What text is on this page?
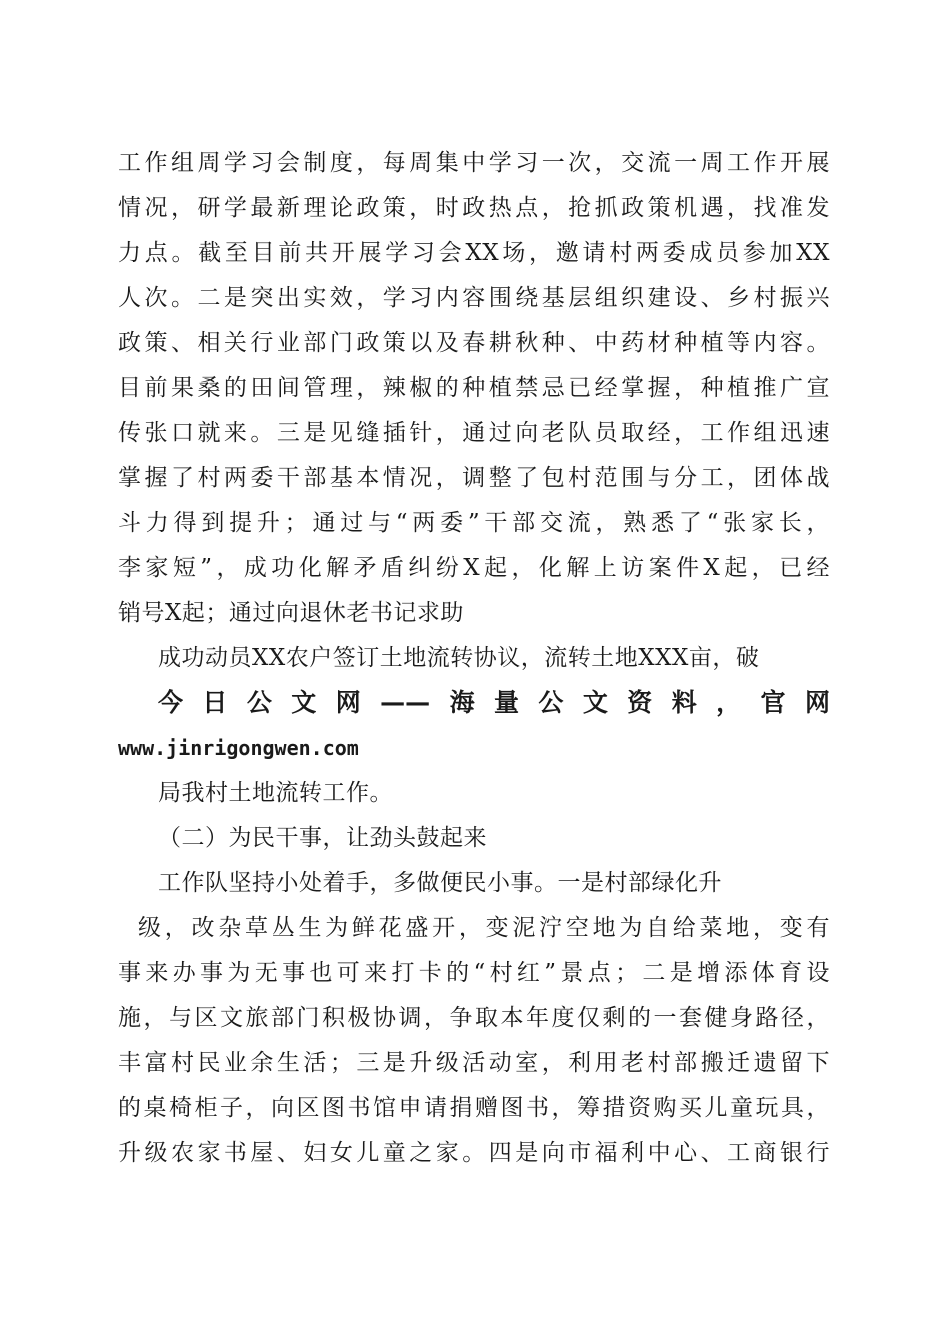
工作组周学习会制度，每周集中学习一次，交流一周工作开展
情况，研学最新理论政策，时政热点，抢抓政策机遇，找准发
力点。截至目前共开展学习会XX场，邀请村两委成员参加XX
人次。二是突出实效，学习内容围绕基层组织建设、乡村振兴
政策、相关行业部门政策以及春耕秋种、中药材种植等内容。
目前果桑的田间管理，辣椒的种植禁忌已经掌握，种植推广宣
传张口就来。三是见缝插针，通过向老队员取经，工作组迅速
掌握了村两委干部基本情况，调整了包村范围与分工，团体战
斗力得到提升；通过与“两委”干部交流，熟悉了“张家长，
李家短”，成功化解矛盾纠纷X起，化解上访案件X起，已经
销号X起；通过向退休老书记求助
成功动员XX农户签订土地流转协议，流转土地XXX亩，破
今日公文网——海量公文资料，官网
www.jinrigongwen.com
局我村土地流转工作。
（二）为民干事，让劲头鼓起来
工作队坚持小处着手，多做便民小事。一是村部绿化升
级，改杂草丛生为鲜花盛开，变泥泞空地为自给菜地，变有
事来办事为无事也可来打卡的“村红”景点；二是增添体育设
施，与区文旅部门积极协调，争取本年度仅剩的一套健身路径，
丰富村民业余生活；三是升级活动室，利用老村部搬迁遗留下
的桌椅柜子，向区图书馆申请捐赠图书，筹措资购买儿童玩具，
升级农家书屋、妇女儿童之家。四是向市福利中心、工商银行
